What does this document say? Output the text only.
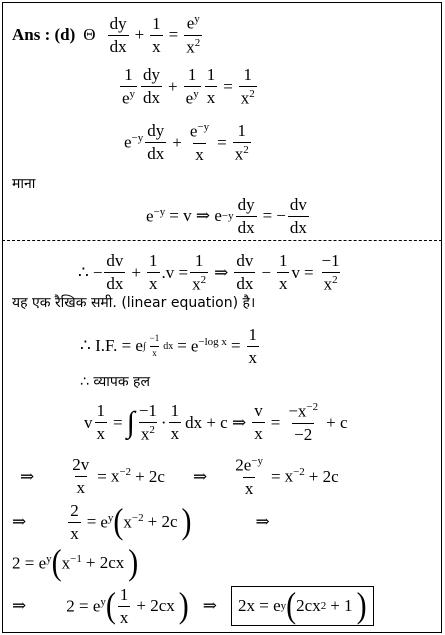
Ans : (d) Θ $\frac{dy}{dx} + \frac{1}{x} = \frac{e^y}{x^2}$
$\frac{1}{e^y} \frac{dy}{dx} + \frac{1}{e^y} \frac{1}{x} = \frac{1}{x^2}$
$e^{-y} \frac{dy}{dx} + \frac{e^{-y}}{x} = \frac{1}{x^2}$
माना
$e^{-y} = v$ ⇒ $e -y \frac{dy}{dx}$ = − $\frac{dv}{dx}$
∴ − $\frac{dv}{dx} + \frac{1}{x} .v = \frac{1}{x^2}$ ⇒ $\frac{dv}{dx} - \frac{1}{x}$ $v = \frac{-1}{x^2}$
यह एक रैखिक समी. (linear equation) है।
∴ I.F. = e ∫ $\frac{-1}{x}$ dx = $e^{-log x} = \frac{1}{x}$
∴ व्यापक हल
v $\frac{1}{x}$ = ∫ $\frac{-1}{x^2} \cdot \frac{1}{x}$ dx + c ⇒ $\frac{v}{x} = \frac{-x^{-2}}{-2} + c$
⇒ $\frac{2v}{x} = x^{-2} + 2c$ ⇒ $\frac{2e^{-y}}{x} = x^{-2} + 2c$
⇒ $\frac{2}{x} = e^y$ ( $x^{-2} + 2c$ )	⇒
$2 = e^y$ ( $x^{-1} + 2cx$ )
⇒ $2 = e^y$ ( $\frac{1}{x} + 2cx$ ) ⇒ 2x = e y ( 2cx 2 + 1 )
